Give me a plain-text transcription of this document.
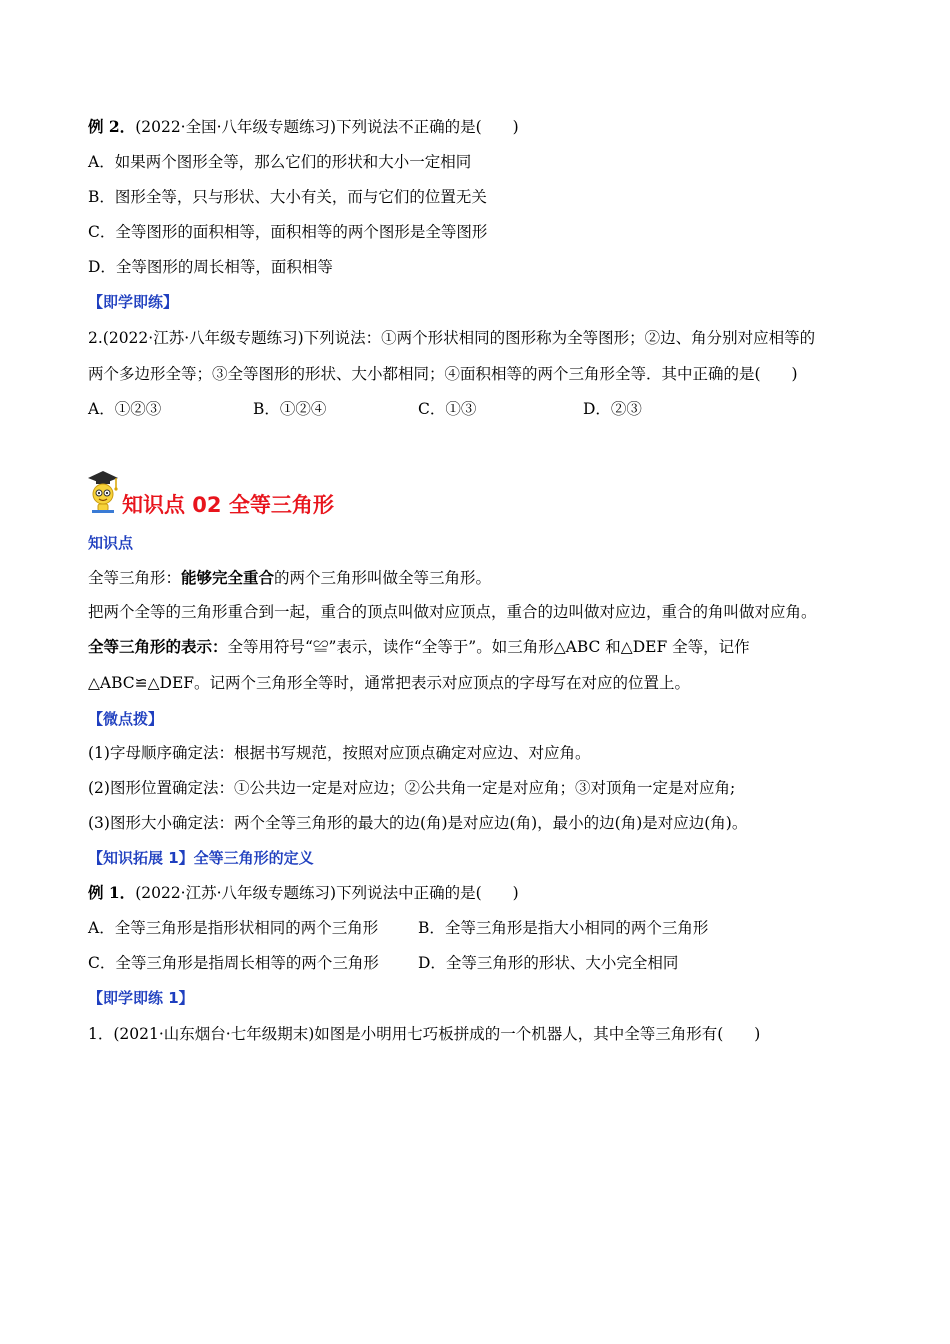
例 2．(2022·全国·八年级专题练习)下列说法不正确的是(　　)
A．如果两个图形全等，那么它们的形状和大小一定相同
B．图形全等，只与形状、大小有关，而与它们的位置无关
C．全等图形的面积相等，面积相等的两个图形是全等图形
D．全等图形的周长相等，面积相等
【即学即练】
2.(2022·江苏·八年级专题练习)下列说法：①两个形状相同的图形称为全等图形；②边、角分别对应相等的
两个多边形全等；③全等图形的形状、大小都相同；④面积相等的两个三角形全等．其中正确的是(　　)
A．①②③	B．①②④	C．①③	D．②③
知识点 02 全等三角形
知识点
全等三角形：能够完全重合的两个三角形叫做全等三角形。
把两个全等的三角形重合到一起，重合的顶点叫做对应顶点，重合的边叫做对应边，重合的角叫做对应角。
全等三角形的表示：全等用符号“≌”表示，读作“全等于”。如三角形△ABC 和△DEF 全等，记作
△ABC≌△DEF。记两个三角形全等时，通常把表示对应顶点的字母写在对应的位置上。
【微点拨】
(1)字母顺序确定法：根据书写规范，按照对应顶点确定对应边、对应角。
(2)图形位置确定法：①公共边一定是对应边；②公共角一定是对应角；③对顶角一定是对应角;
(3)图形大小确定法：两个全等三角形的最大的边(角)是对应边(角)，最小的边(角)是对应边(角)。
【知识拓展 1】全等三角形的定义
例 1．(2022·江苏·八年级专题练习)下列说法中正确的是(　　)
A．全等三角形是指形状相同的两个三角形	B．全等三角形是指大小相同的两个三角形
C．全等三角形是指周长相等的两个三角形	D．全等三角形的形状、大小完全相同
【即学即练 1】
1．(2021·山东烟台·七年级期末)如图是小明用七巧板拼成的一个机器人，其中全等三角形有(　　)
